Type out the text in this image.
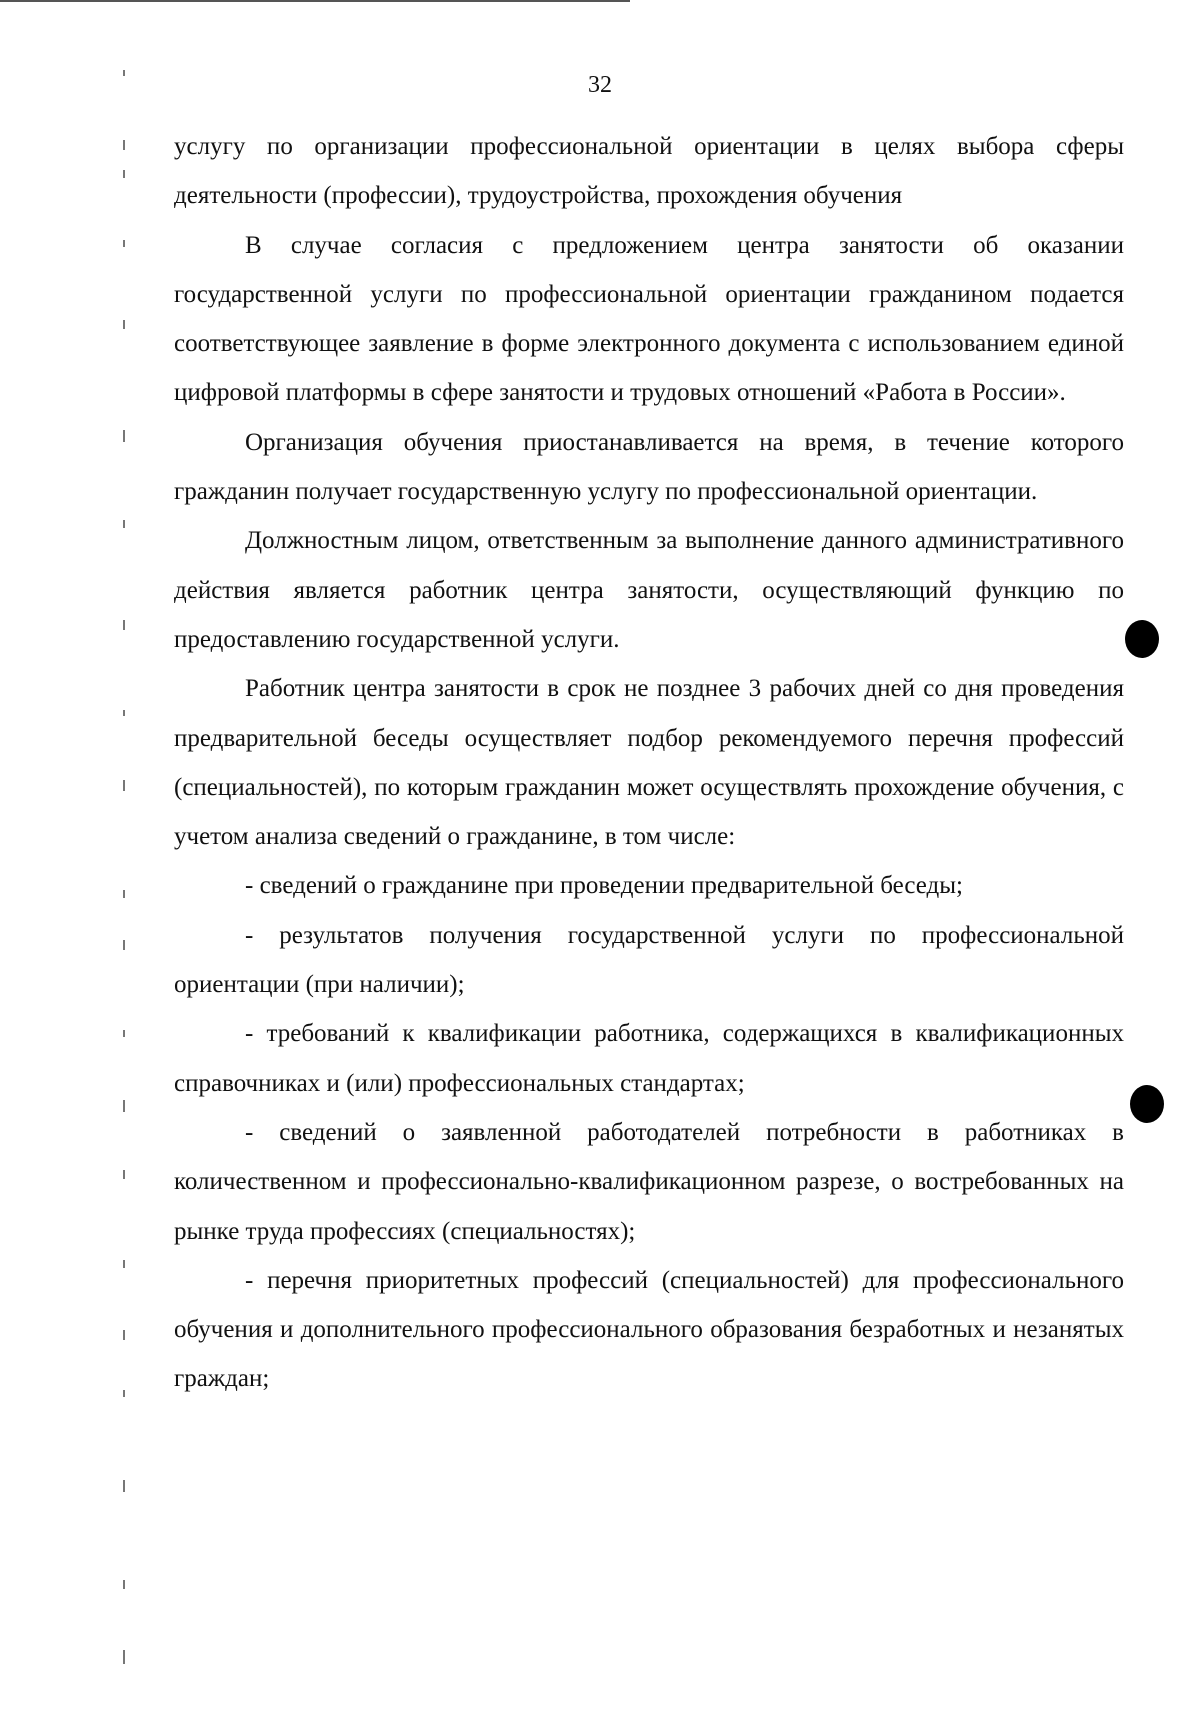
32

услугу по организации профессиональной ориентации в целях выбора сферы деятельности (профессии), трудоустройства, прохождения обучения

В случае согласия с предложением центра занятости об оказании государственной услуги по профессиональной ориентации гражданином подается соответствующее заявление в форме электронного документа с использованием единой цифровой платформы в сфере занятости и трудовых отношений «Работа в России».

Организация обучения приостанавливается на время, в течение которого гражданин получает государственную услугу по профессиональной ориентации.

Должностным лицом, ответственным за выполнение данного административного действия является работник центра занятости, осуществляющий функцию по предоставлению государственной услуги.

Работник центра занятости в срок не позднее 3 рабочих дней со дня проведения предварительной беседы осуществляет подбор рекомендуемого перечня профессий (специальностей), по которым гражданин может осуществлять прохождение обучения, с учетом анализа сведений о гражданине, в том числе:

- сведений о гражданине при проведении предварительной беседы;

- результатов получения государственной услуги по профессиональной ориентации (при наличии);

- требований к квалификации работника, содержащихся в квалификационных справочниках и (или) профессиональных стандартах;

- сведений о заявленной работодателей потребности в работниках в количественном и профессионально-квалификационном разрезе, о востребованных на рынке труда профессиях (специальностях);

- перечня приоритетных профессий (специальностей) для профессионального обучения и дополнительного профессионального образования безработных и незанятых граждан;
